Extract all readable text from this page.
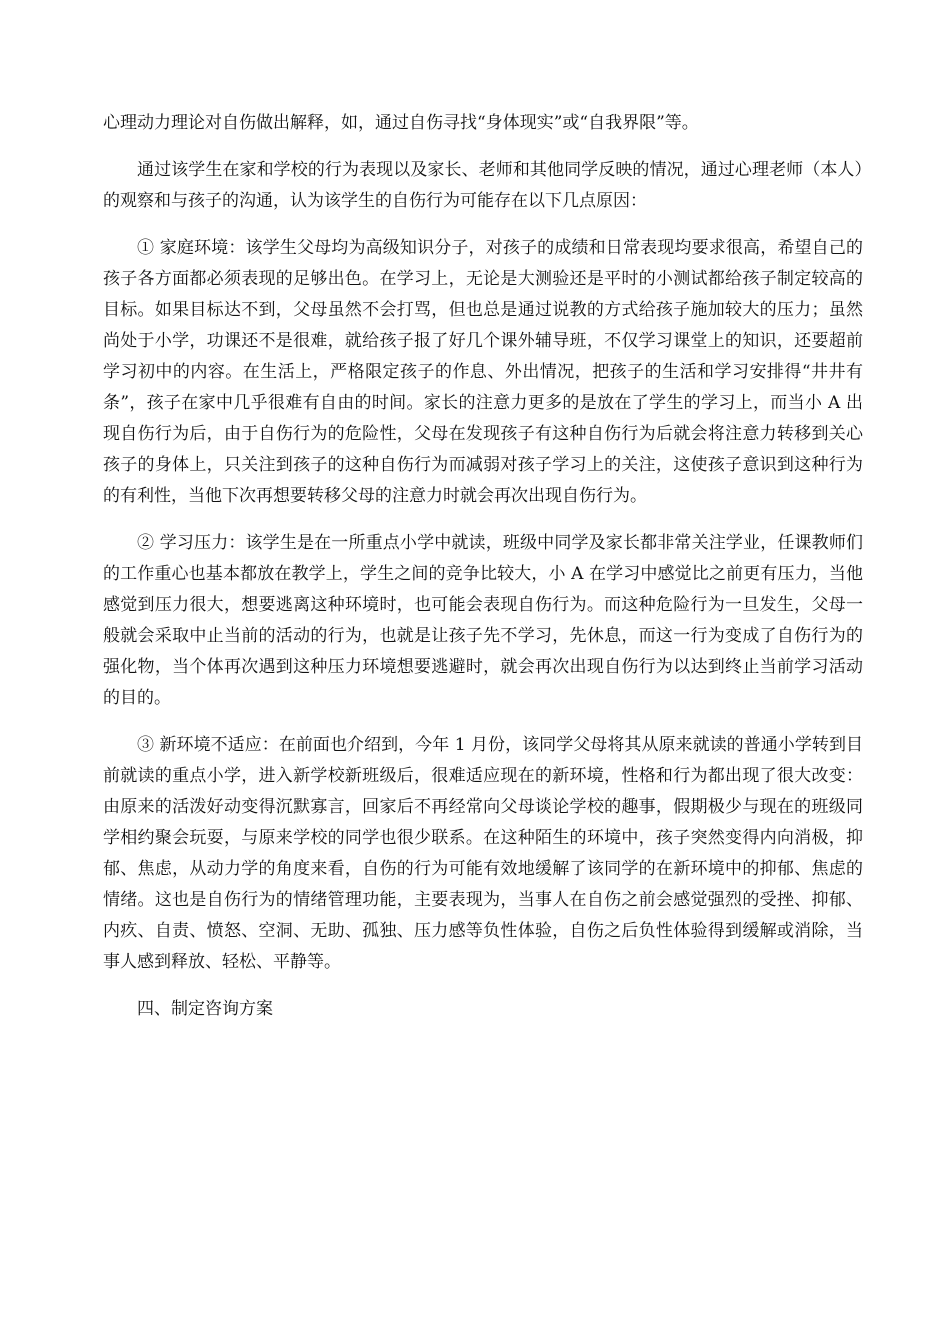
心理动力理论对自伤做出解释，如，通过自伤寻找“身体现实”或“自我界限”等。

通过该学生在家和学校的行为表现以及家长、老师和其他同学反映的情况，通过心理老师（本人）的观察和与孩子的沟通，认为该学生的自伤行为可能存在以下几点原因：

① 家庭环境：该学生父母均为高级知识分子，对孩子的成绩和日常表现均要求很高，希望自己的孩子各方面都必须表现的足够出色。在学习上，无论是大测验还是平时的小测试都给孩子制定较高的目标。如果目标达不到，父母虽然不会打骂，但也总是通过说教的方式给孩子施加较大的压力；虽然尚处于小学，功课还不是很难，就给孩子报了好几个课外辅导班，不仅学习课堂上的知识，还要超前学习初中的内容。在生活上，严格限定孩子的作息、外出情况，把孩子的生活和学习安排得“井井有条”，孩子在家中几乎很难有自由的时间。家长的注意力更多的是放在了学生的学习上，而当小 A 出现自伤行为后，由于自伤行为的危险性，父母在发现孩子有这种自伤行为后就会将注意力转移到关心孩子的身体上，只关注到孩子的这种自伤行为而减弱对孩子学习上的关注，这使孩子意识到这种行为的有利性，当他下次再想要转移父母的注意力时就会再次出现自伤行为。

② 学习压力：该学生是在一所重点小学中就读，班级中同学及家长都非常关注学业，任课教师们的工作重心也基本都放在教学上，学生之间的竞争比较大，小 A 在学习中感觉比之前更有压力，当他感觉到压力很大，想要逃离这种环境时，也可能会表现自伤行为。而这种危险行为一旦发生，父母一般就会采取中止当前的活动的行为，也就是让孩子先不学习，先休息，而这一行为变成了自伤行为的强化物，当个体再次遇到这种压力环境想要逃避时，就会再次出现自伤行为以达到终止当前学习活动的目的。

③ 新环境不适应：在前面也介绍到，今年 1 月份，该同学父母将其从原来就读的普通小学转到目前就读的重点小学，进入新学校新班级后，很难适应现在的新环境，性格和行为都出现了很大改变：由原来的活泼好动变得沉默寡言，回家后不再经常向父母谈论学校的趣事，假期极少与现在的班级同学相约聚会玩耍，与原来学校的同学也很少联系。在这种陌生的环境中，孩子突然变得内向消极，抑郁、焦虑，从动力学的角度来看，自伤的行为可能有效地缓解了该同学的在新环境中的抑郁、焦虑的情绪。这也是自伤行为的情绪管理功能，主要表现为，当事人在自伤之前会感觉强烈的受挫、抑郁、内疚、自责、愤怒、空洞、无助、孤独、压力感等负性体验，自伤之后负性体验得到缓解或消除，当事人感到释放、轻松、平静等。

四、制定咨询方案
